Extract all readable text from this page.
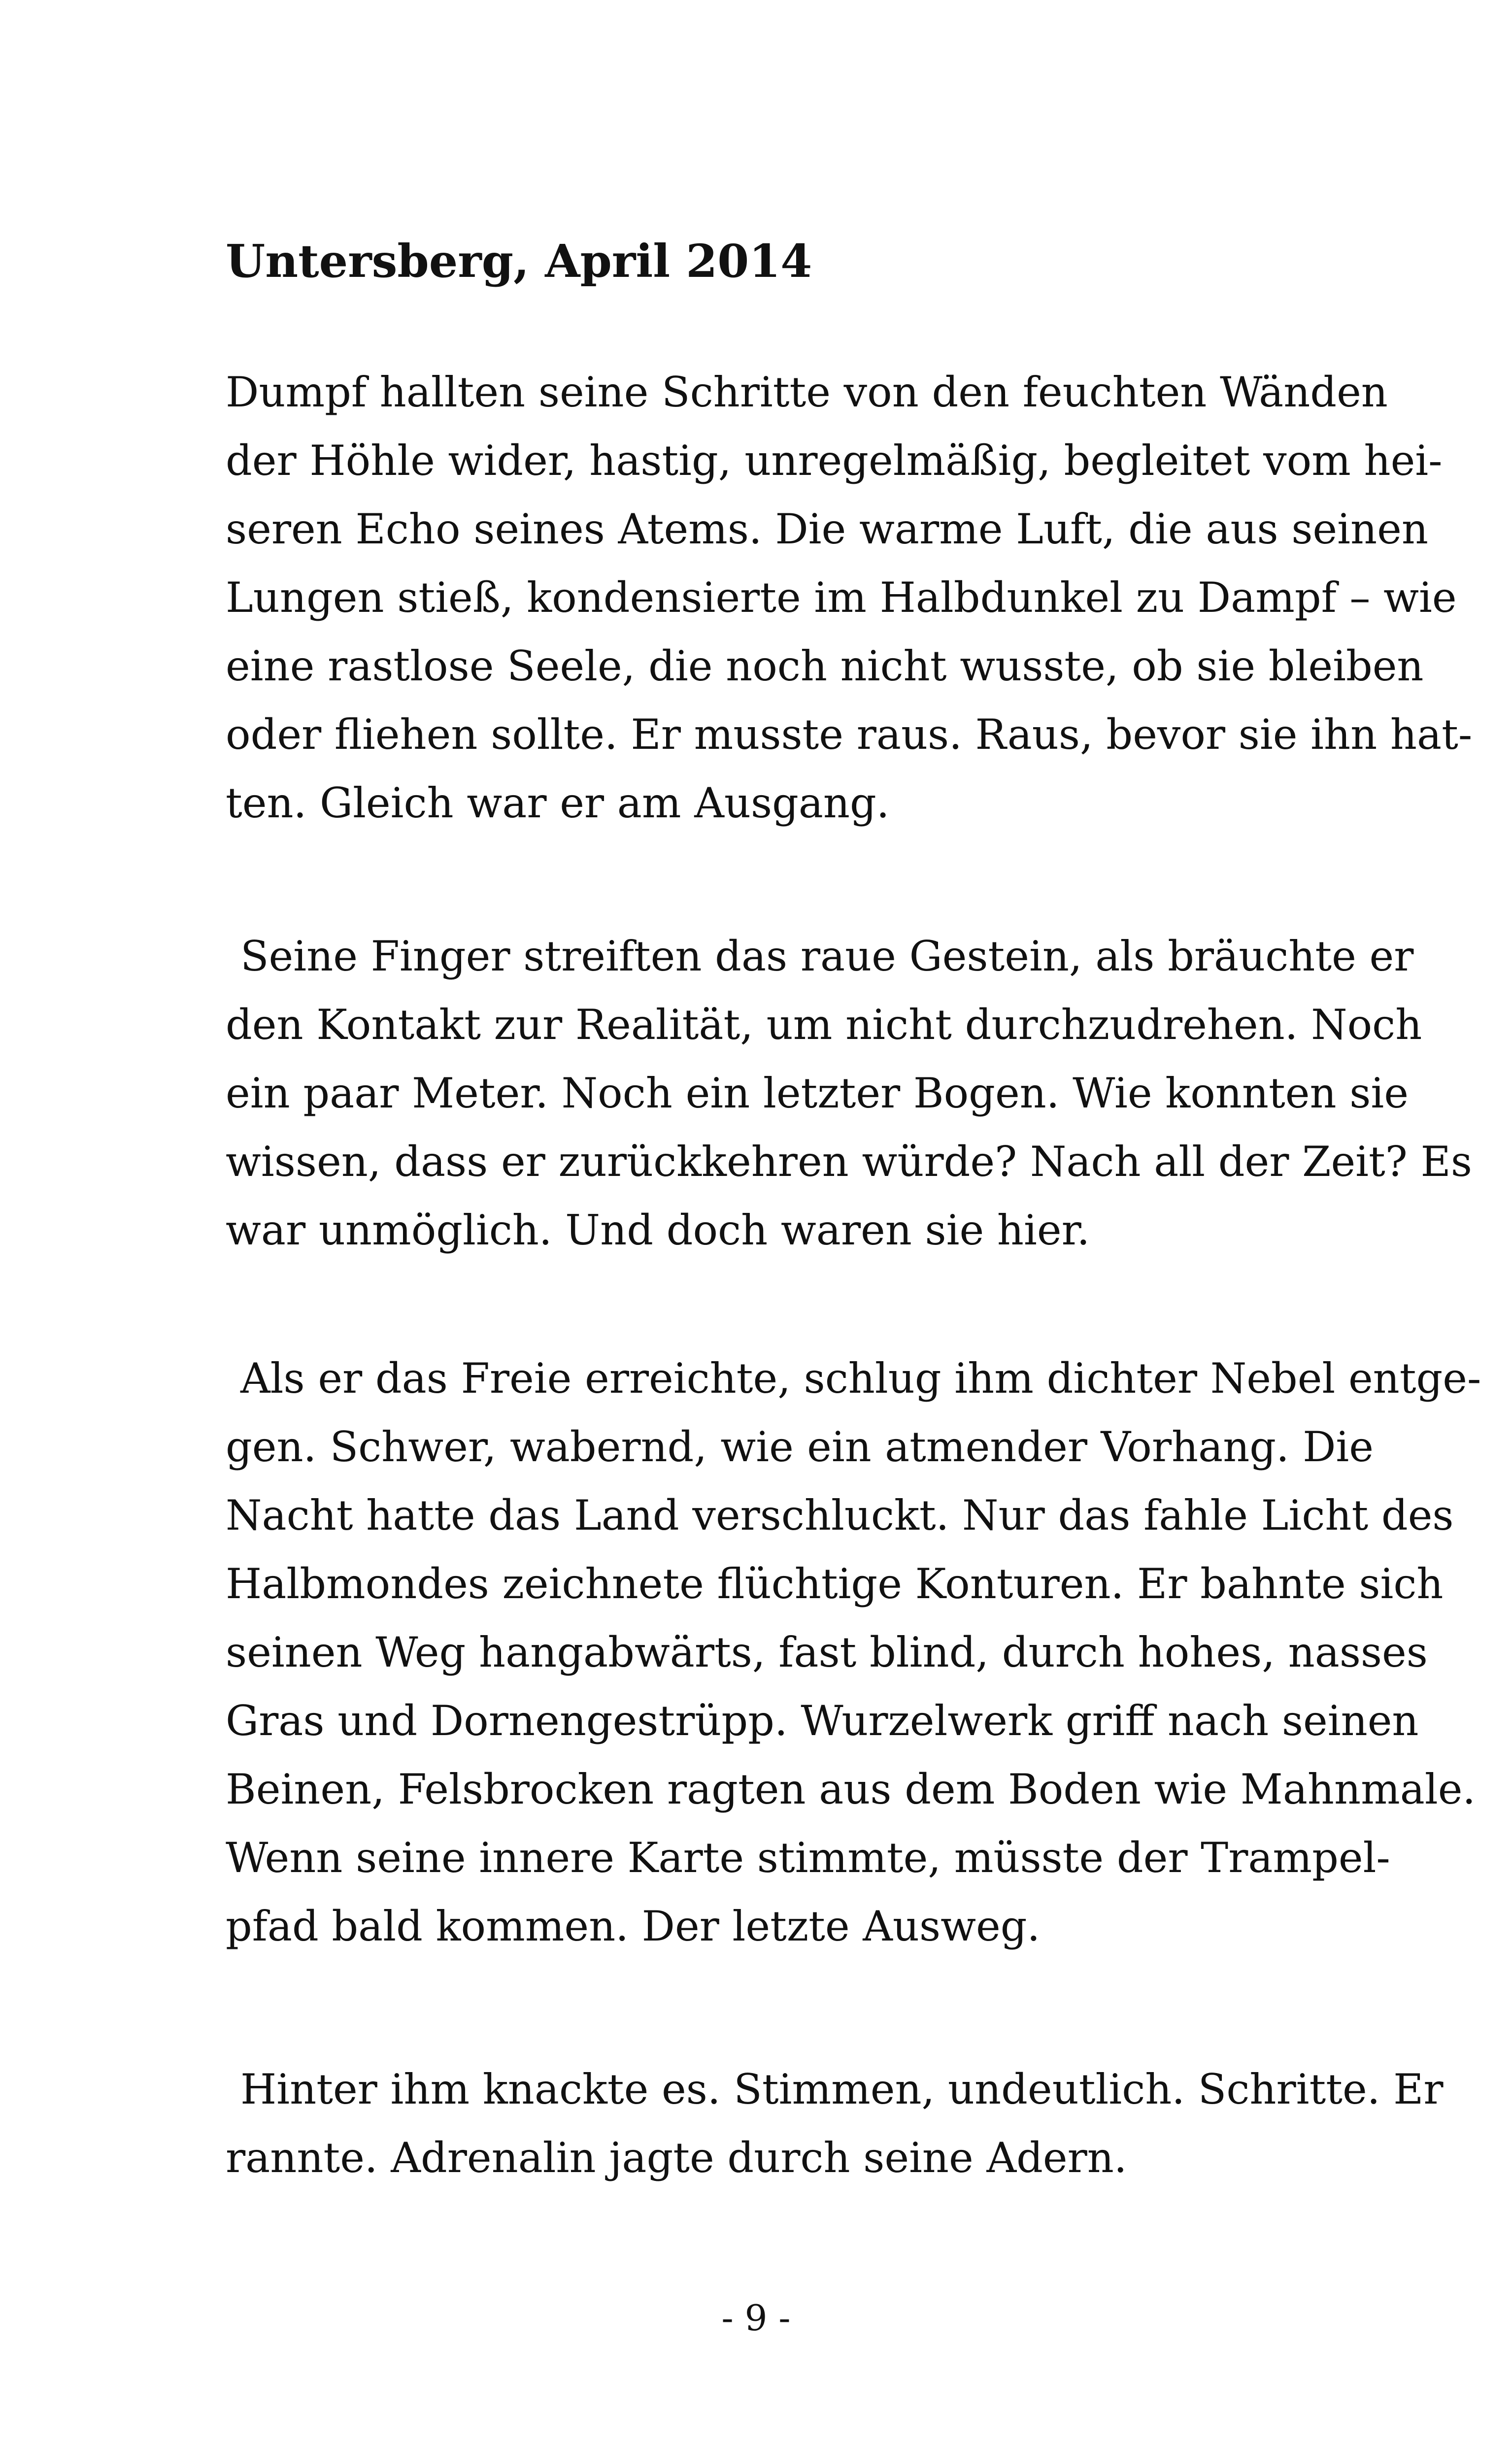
Untersberg, April 2014
Dumpf hallten seine Schritte von den feuchten Wänden
der Höhle wider, hastig, unregelmäßig, begleitet vom hei-
seren Echo seines Atems. Die warme Luft, die aus seinen
Lungen stieß, kondensierte im Halbdunkel zu Dampf – wie
eine rastlose Seele, die noch nicht wusste, ob sie bleiben
oder fliehen sollte. Er musste raus. Raus, bevor sie ihn hat-
ten. Gleich war er am Ausgang.
Seine Finger streiften das raue Gestein, als bräuchte er
den Kontakt zur Realität, um nicht durchzudrehen. Noch
ein paar Meter. Noch ein letzter Bogen. Wie konnten sie
wissen, dass er zurückkehren würde? Nach all der Zeit? Es
war unmöglich. Und doch waren sie hier.
Als er das Freie erreichte, schlug ihm dichter Nebel entge-
gen. Schwer, wabernd, wie ein atmender Vorhang. Die
Nacht hatte das Land verschluckt. Nur das fahle Licht des
Halbmondes zeichnete flüchtige Konturen. Er bahnte sich
seinen Weg hangabwärts, fast blind, durch hohes, nasses
Gras und Dornengestrüpp. Wurzelwerk griff nach seinen
Beinen, Felsbrocken ragten aus dem Boden wie Mahnmale.
Wenn seine innere Karte stimmte, müsste der Trampel-
pfad bald kommen. Der letzte Ausweg.
Hinter ihm knackte es. Stimmen, undeutlich. Schritte. Er
rannte. Adrenalin jagte durch seine Adern.
- 9 -
